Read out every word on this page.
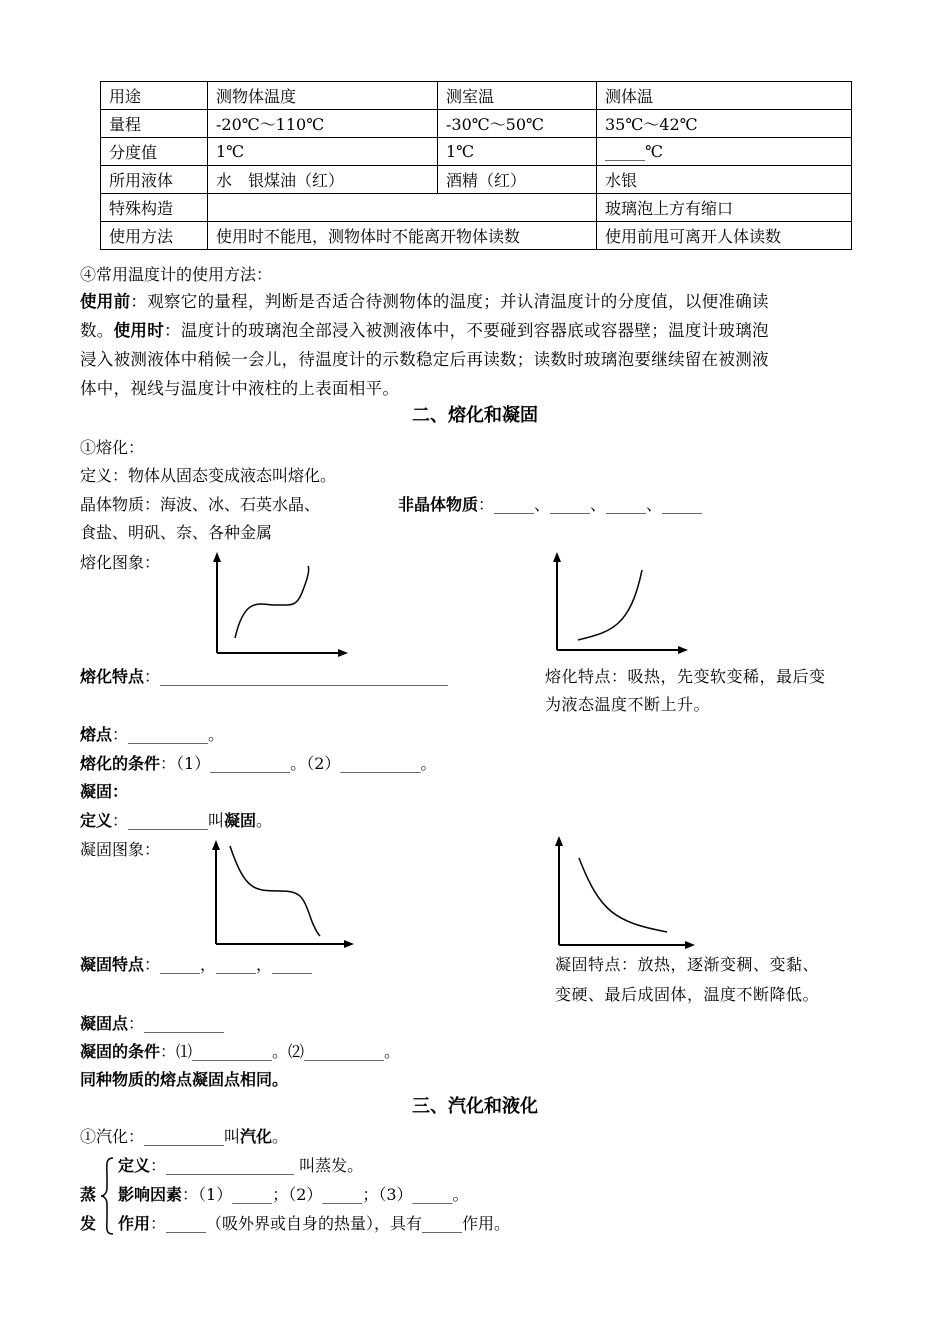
用途	测物体温度	测室温	测体温
量程	-20℃～110℃	-30℃～50℃	35℃～42℃
分度值	1℃	1℃	_____℃
所用液体	水　银煤油（红）	酒精（红）	水银
特殊构造			玻璃泡上方有缩口
使用方法	使用时不能甩，测物体时不能离开物体读数		使用前甩可离开人体读数
④常用温度计的使用方法：
使用前：观察它的量程，判断是否适合待测物体的温度；并认清温度计的分度值，以便准确读
数。使用时：温度计的玻璃泡全部浸入被测液体中，不要碰到容器底或容器壁；温度计玻璃泡
浸入被测液体中稍候一会儿，待温度计的示数稳定后再读数；读数时玻璃泡要继续留在被测液
体中，视线与温度计中液柱的上表面相平。
二、熔化和凝固
①熔化：
定义：物体从固态变成液态叫熔化。
晶体物质：海波、冰、石英水晶、	非晶体物质：_____、_____、_____、_____
食盐、明矾、奈、各种金属
熔化图象：
熔化特点：____________________________________	熔化特点：吸热，先变软变稀，最后变
为液态温度不断上升。
熔点：__________。
熔化的条件：（1）__________。（2）__________。
凝固：
定义：__________叫凝固。
凝固图象：
凝固特点：_____，_____，_____	凝固特点：放热，逐渐变稠、变黏、
变硬、最后成固体，温度不断降低。
凝固点：__________
凝固的条件：⑴__________。⑵__________。
同种物质的熔点凝固点相同。
三、汽化和液化
①汽化：__________叫汽化。
蒸
发
定义：________________ 叫蒸发。
影响因素：（1）_____；（2）_____；（3）_____。
作用：_____（吸外界或自身的热量），具有_____作用。
